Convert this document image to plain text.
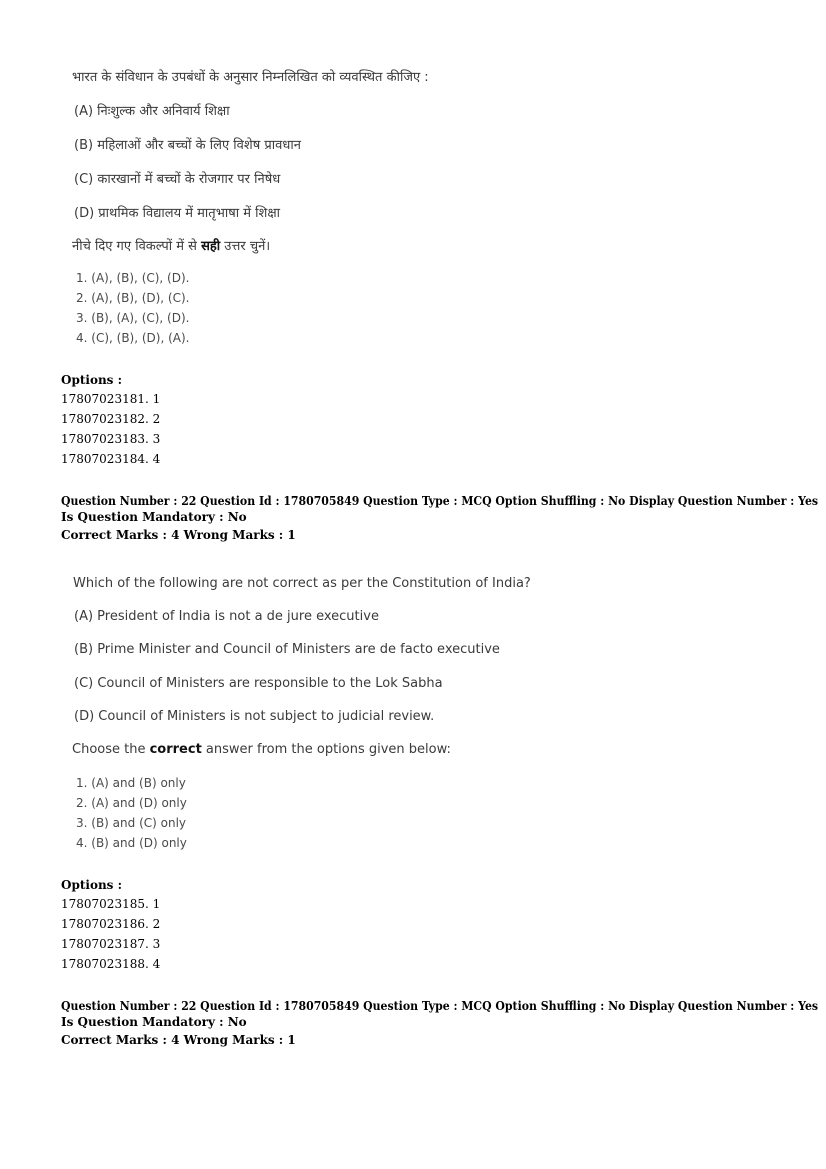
भारत के संविधान के उपबंधों के अनुसार निम्नलिखित को व्यवस्थित कीजिए :
(A) निःशुल्क और अनिवार्य शिक्षा
(B) महिलाओं और बच्चों के लिए विशेष प्रावधान
(C) कारखानों में बच्चों के रोजगार पर निषेध
(D) प्राथमिक विद्यालय में मातृभाषा में शिक्षा
नीचे दिए गए विकल्पों में से सही उत्तर चुनें।
1. (A), (B), (C), (D).
2. (A), (B), (D), (C).
3. (B), (A), (C), (D).
4. (C), (B), (D), (A).
Options :
17807023181. 1
17807023182. 2
17807023183. 3
17807023184. 4
Question Number : 22 Question Id : 1780705849 Question Type : MCQ Option Shuffling : No Display Question Number : Yes
Is Question Mandatory : No
Correct Marks : 4 Wrong Marks : 1
Which of the following are not correct as per the Constitution of India?
(A) President of India is not a de jure executive
(B) Prime Minister and Council of Ministers are de facto executive
(C) Council of Ministers are responsible to the Lok Sabha
(D) Council of Ministers is not subject to judicial review.
Choose the correct answer from the options given below:
1. (A) and (B) only
2. (A) and (D) only
3. (B) and (C) only
4. (B) and (D) only
Options :
17807023185. 1
17807023186. 2
17807023187. 3
17807023188. 4
Question Number : 22 Question Id : 1780705849 Question Type : MCQ Option Shuffling : No Display Question Number : Yes
Is Question Mandatory : No
Correct Marks : 4 Wrong Marks : 1
